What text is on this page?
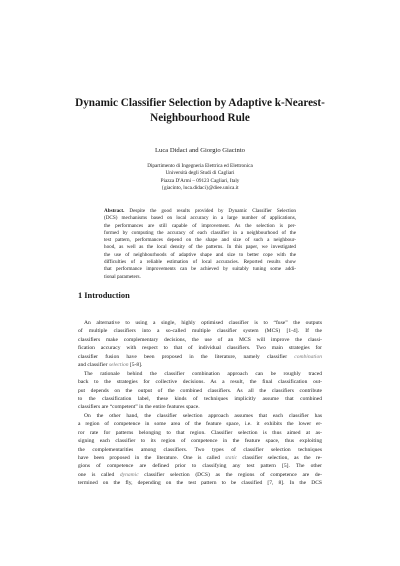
Dynamic Classifier Selection by Adaptive k-Nearest-
Neighbourhood Rule
Luca Didaci and Giorgio Giacinto
Dipartimento di Ingegneria Elettrica ed Elettronica
Università degli Studi di Cagliari
Piazza D'Armi – 09123 Cagliari, Italy
{giacinto, luca.didaci}@diee.unica.it
Abstract. Despite the good results provided by Dynamic Classifier Selection
(DCS) mechanisms based on local accuracy in a large number of applications,
the performances are still capable of improvement. As the selection is per-
formed by computing the accuracy of each classifier in a neighbourhood of the
test pattern, performances depend on the shape and size of such a neighbour-
hood, as well as the local density of the patterns. In this paper, we investigated
the use of neighbourhoods of adaptive shape and size to better cope with the
difficulties of a reliable estimation of local accuracies. Reported results show
that performance improvements can be achieved by suitably tuning some addi-
tional parameters.
1 Introduction
An alternative to using a single, highly optimised classifier is to “fuse” the outputs
of multiple classifiers into a so-called multiple classifier system (MCS) [1-4]. If the
classifiers make complementary decisions, the use of an MCS will improve the classi-
fication accuracy with respect to that of individual classifiers. Two main strategies for
classifier fusion have been proposed in the literature, namely classifier combination
and classifier selection [5-8].
The rationale behind the classifier combination approach can be roughly traced
back to the strategies for collective decisions. As a result, the final classification out-
put depends on the output of the combined classifiers. As all the classifiers contribute
to the classification label, these kinds of techniques implicitly assume that combined
classifiers are “competent” in the entire features space.
On the other hand, the classifier selection approach assumes that each classifier has
a region of competence in some area of the feature space, i.e. it exhibits the lower er-
ror rate for patterns belonging to that region. Classifier selection is thus aimed at as-
signing each classifier to its region of competence in the feature space, thus exploiting
the complementarities among classifiers. Two types of classifier selection techniques
have been proposed in the literature. One is called static classifier selection, as the re-
gions of competence are defined prior to classifying any test pattern [5]. The other
one is called dynamic classifier selection (DCS) as the regions of competence are de-
termined on the fly, depending on the test pattern to be classified [7, 8]. In the DCS
